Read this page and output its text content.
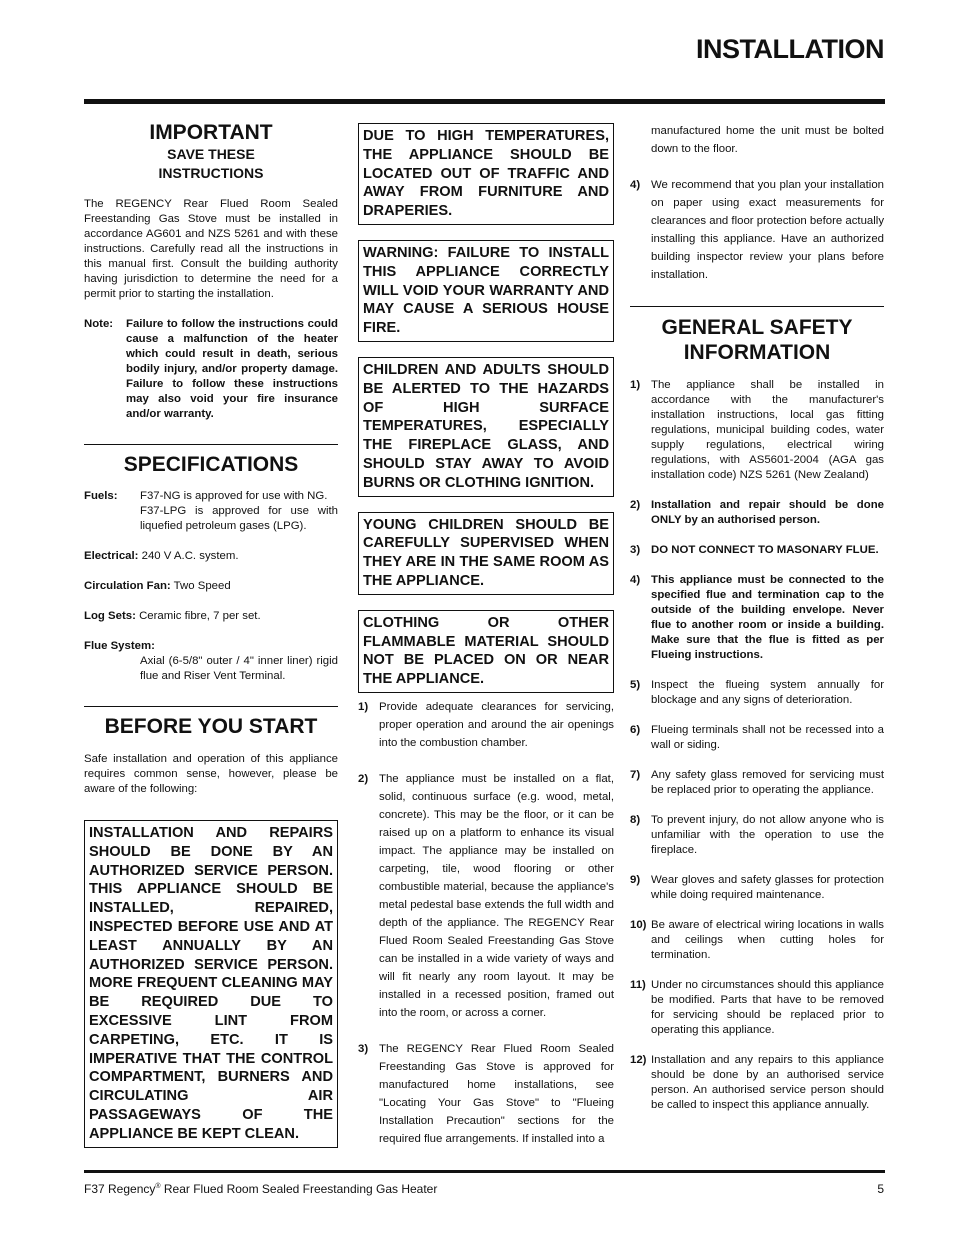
INSTALLATION
IMPORTANT
SAVE THESE
INSTRUCTIONS
The REGENCY Rear Flued Room Sealed Freestanding Gas Stove must be installed in accordance AG601 and NZS 5261 and with these instructions. Carefully read all the instructions in this manual first. Consult the building authority having jurisdiction to determine the need for a permit prior to starting the installation.
Note:	Failure to follow the instructions could cause a malfunction of the heater which could result in death, serious bodily injury, and/or property damage. Failure to follow these instructions may also void your fire insurance and/or warranty.
SPECIFICATIONS
Fuels:	F37-NG is approved for use with NG.
F37-LPG is approved for use with liquefied petroleum gases (LPG).
Electrical: 240 V A.C. system.
Circulation Fan: Two Speed
Log Sets: Ceramic fibre, 7 per set.
Flue System:
Axial (6-5/8" outer / 4" inner liner) rigid flue and Riser Vent Terminal.
BEFORE YOU START
Safe installation and operation of this appliance requires common sense, however, please be aware of the following:
INSTALLATION AND REPAIRS SHOULD BE DONE BY AN AUTHORIZED SERVICE PERSON. THIS APPLIANCE SHOULD BE INSTALLED, REPAIRED, INSPECTED BEFORE USE AND AT LEAST ANNUALLY BY AN AUTHORIZED SERVICE PERSON. MORE FREQUENT CLEANING MAY BE REQUIRED DUE TO EXCESSIVE LINT FROM CARPETING, ETC. IT IS IMPERATIVE THAT THE CONTROL COMPARTMENT, BURNERS AND CIRCULATING AIR PASSAGEWAYS OF THE APPLIANCE BE KEPT CLEAN.
DUE TO HIGH TEMPERATURES, THE APPLIANCE SHOULD BE LOCATED OUT OF TRAFFIC AND AWAY FROM FURNITURE AND DRAPERIES.
WARNING: FAILURE TO INSTALL THIS APPLIANCE CORRECTLY WILL VOID YOUR WARRANTY AND MAY CAUSE A SERIOUS HOUSE FIRE.
CHILDREN AND ADULTS SHOULD BE ALERTED TO THE HAZARDS OF HIGH SURFACE TEMPERATURES, ESPECIALLY THE FIREPLACE GLASS, AND SHOULD STAY AWAY TO AVOID BURNS OR CLOTHING IGNITION.
YOUNG CHILDREN SHOULD BE CAREFULLY SUPERVISED WHEN THEY ARE IN THE SAME ROOM AS THE APPLIANCE.
CLOTHING OR OTHER FLAMMABLE MATERIAL SHOULD NOT BE PLACED ON OR NEAR THE APPLIANCE.
1) Provide adequate clearances for servicing, proper operation and around the air openings into the combustion chamber.
2) The appliance must be installed on a flat, solid, continuous surface (e.g. wood, metal, concrete). This may be the floor, or it can be raised up on a platform to enhance its visual impact. The appliance may be installed on carpeting, tile, wood flooring or other combustible material, because the appliance's metal pedestal base extends the full width and depth of the appliance. The REGENCY Rear Flued Room Sealed Freestanding Gas Stove can be installed in a wide variety of ways and will fit nearly any room layout. It may be installed in a recessed position, framed out into the room, or across a corner.
3) The REGENCY Rear Flued Room Sealed Freestanding Gas Stove is approved for manufactured home installations, see "Locating Your Gas Stove" to "Flueing Installation Precaution" sections for the required flue arrangements. If installed into a
manufactured home the unit must be bolted down to the floor.
4) We recommend that you plan your installation on paper using exact measurements for clearances and floor protection before actually installing this appliance. Have an authorized building inspector review your plans before installation.
GENERAL SAFETY
INFORMATION
1) The appliance shall be installed in accordance with the manufacturer's installation instructions, local gas fitting regulations, municipal building codes, water supply regulations, electrical wiring regulations, with AS5601-2004 (AGA gas installation code) NZS 5261 (New Zealand)
2) Installation and repair should be done ONLY by an authorised person.
3) DO NOT CONNECT TO MASONARY FLUE.
4) This appliance must be connected to the specified flue and termination cap to the outside of the building envelope. Never flue to another room or inside a building. Make sure that the flue is fitted as per Flueing instructions.
5) Inspect the flueing system annually for blockage and any signs of deterioration.
6) Flueing terminals shall not be recessed into a wall or siding.
7) Any safety glass removed for servicing must be replaced prior to operating the appliance.
8) To prevent injury, do not allow anyone who is unfamiliar with the operation to use the fireplace.
9) Wear gloves and safety glasses for protection while doing required maintenance.
10) Be aware of electrical wiring locations in walls and ceilings when cutting holes for termination.
11) Under no circumstances should this appliance be modified. Parts that have to be removed for servicing should be replaced prior to operating this appliance.
12) Installation and any repairs to this appliance should be done by an authorised service person. An authorised service person should be called to inspect this appliance annually.
F37 Regency® Rear Flued Room Sealed Freestanding Gas Heater	5
